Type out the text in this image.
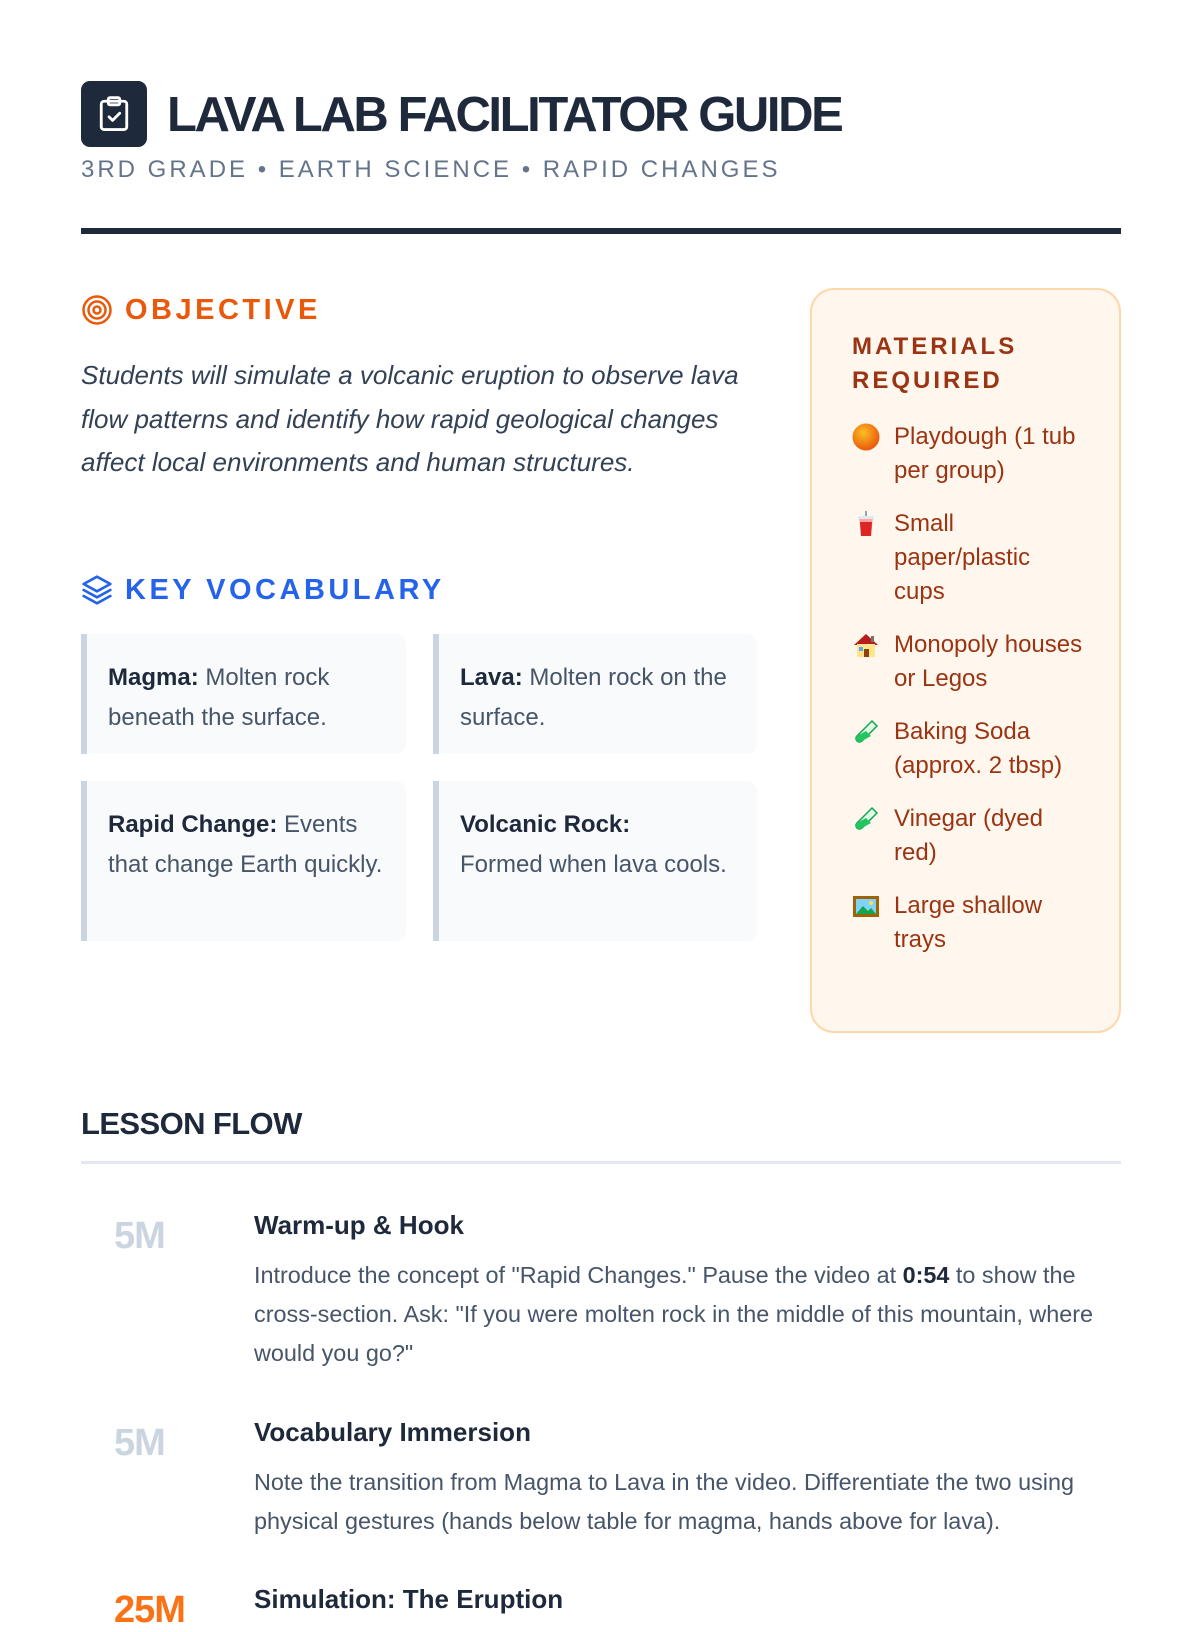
LAVA LAB FACILITATOR GUIDE
3RD GRADE • EARTH SCIENCE • RAPID CHANGES
OBJECTIVE

Students will simulate a volcanic eruption to observe lava flow patterns and identify how rapid geological changes affect local environments and human structures.

KEY VOCABULARY
Magma: Molten rock beneath the surface.
Lava: Molten rock on the surface.
Rapid Change: Events that change Earth quickly.
Volcanic Rock:
Formed when lava cools.
MATERIALS REQUIRED
Playdough (1 tub per group)
Small paper/plastic cups
Monopoly houses or Legos
Baking Soda (approx. 2 tbsp)
Vinegar (dyed red)
Large shallow trays
LESSON FLOW
5M	Warm-up & Hook

Introduce the concept of "Rapid Changes." Pause the video at 0:54 to show the cross-section. Ask: "If you were molten rock in the middle of this mountain, where would you go?"

5M	Vocabulary Immersion

Note the transition from Magma to Lava in the video. Differentiate the two using physical gestures (hands below table for magma, hands above for lava).

25M	Simulation: The Eruption
